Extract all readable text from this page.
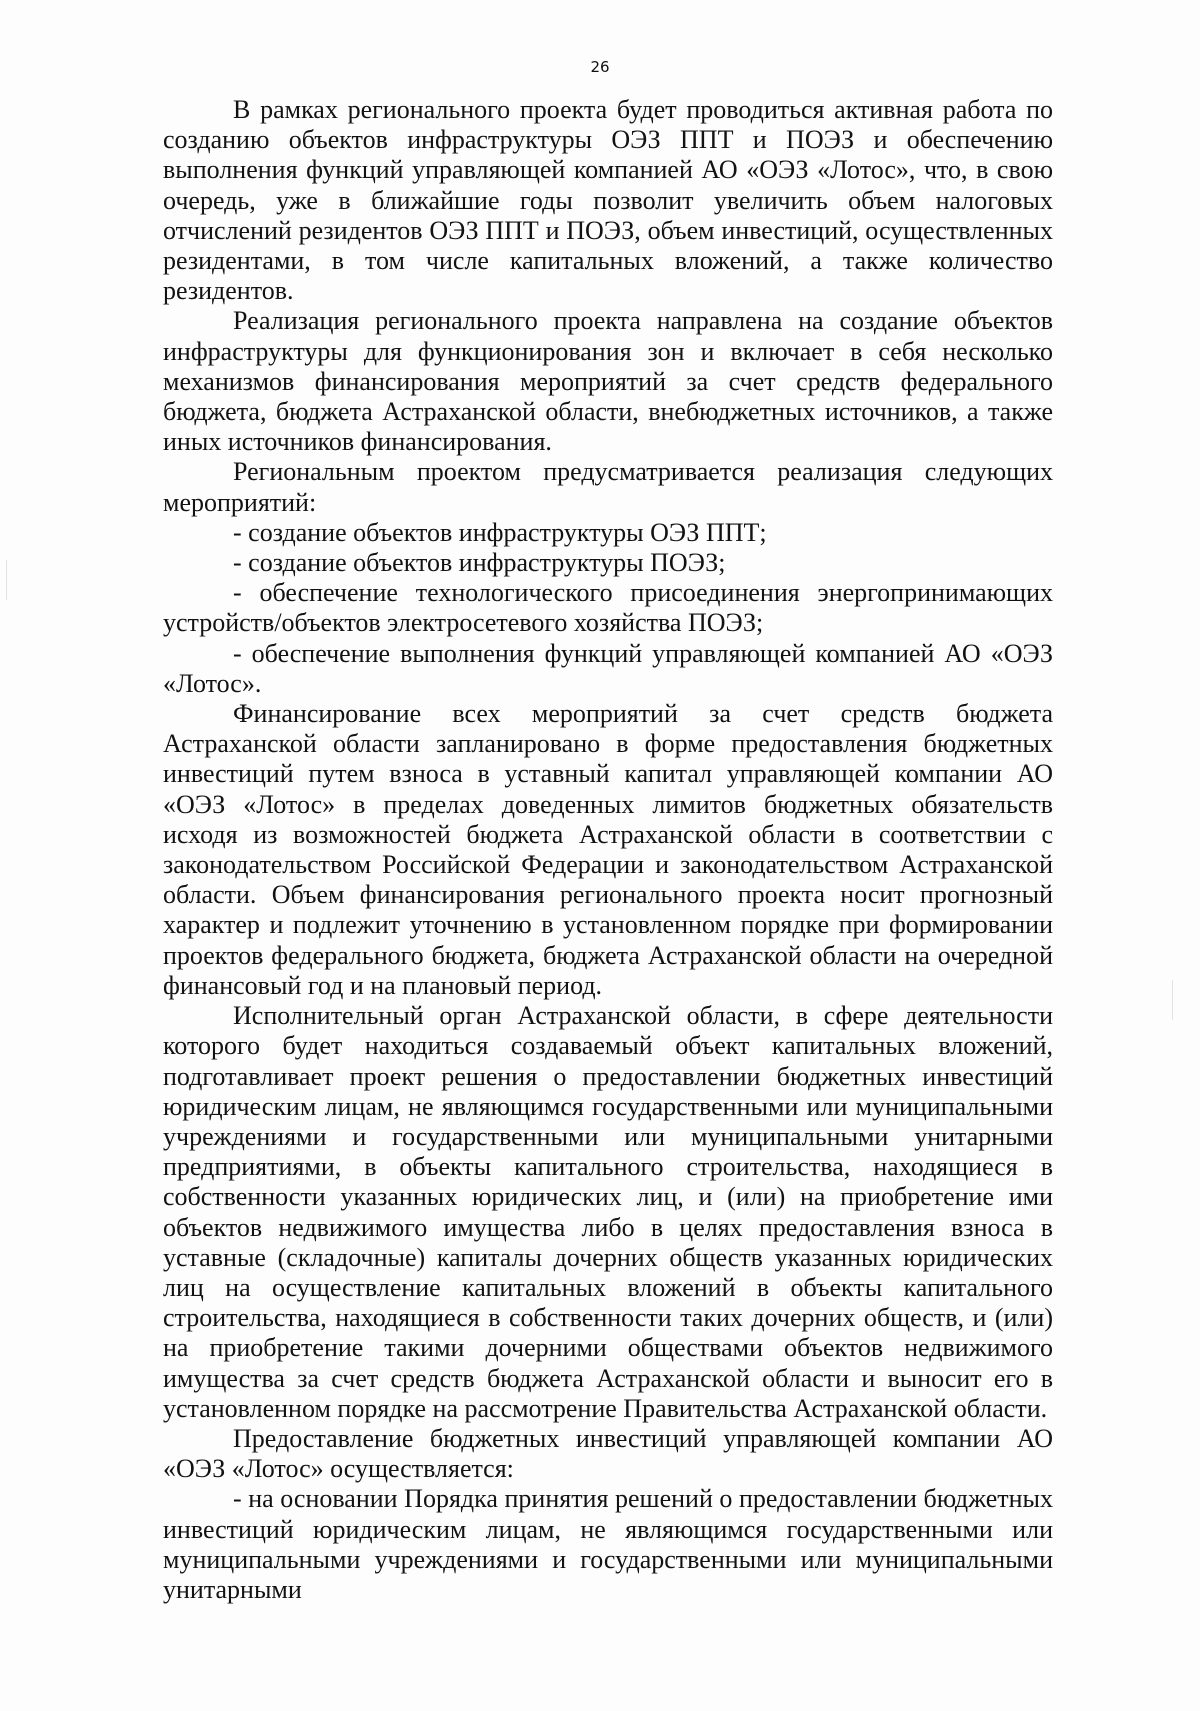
26

В рамках регионального проекта будет проводиться активная работа по созданию объектов инфраструктуры ОЭЗ ППТ и ПОЭЗ и обеспечению выполнения функций управляющей компанией АО «ОЭЗ «Лотос», что, в свою очередь, уже в ближайшие годы позволит увеличить объем налоговых отчислений резидентов ОЭЗ ППТ и ПОЭЗ, объем инвестиций, осуществленных резидентами, в том числе капитальных вложений, а также количество резидентов.

Реализация регионального проекта направлена на создание объектов инфраструктуры для функционирования зон и включает в себя несколько механизмов финансирования мероприятий за счет средств федерального бюджета, бюджета Астраханской области, внебюджетных источников, а также иных источников финансирования.

Региональным проектом предусматривается реализация следующих мероприятий:

- создание объектов инфраструктуры ОЭЗ ППТ;

- создание объектов инфраструктуры ПОЭЗ;

- обеспечение технологического присоединения энергопринимающих устройств/объектов электросетевого хозяйства ПОЭЗ;

- обеспечение выполнения функций управляющей компанией АО «ОЭЗ «Лотос».

Финансирование всех мероприятий за счет средств бюджета Астраханской области запланировано в форме предоставления бюджетных инвестиций путем взноса в уставный капитал управляющей компании АО «ОЭЗ «Лотос» в пределах доведенных лимитов бюджетных обязательств исходя из возможностей бюджета Астраханской области в соответствии с законодательством Российской Федерации и законодательством Астраханской области. Объем финансирования регионального проекта носит прогнозный характер и подлежит уточнению в установленном порядке при формировании проектов федерального бюджета, бюджета Астраханской области на очередной финансовый год и на плановый период.

Исполнительный орган Астраханской области, в сфере деятельности которого будет находиться создаваемый объект капитальных вложений, подготавливает проект решения о предоставлении бюджетных инвестиций юридическим лицам, не являющимся государственными или муниципальными учреждениями и государственными или муниципальными унитарными предприятиями, в объекты капитального строительства, находящиеся в собственности указанных юридических лиц, и (или) на приобретение ими объектов недвижимого имущества либо в целях предоставления взноса в уставные (складочные) капиталы дочерних обществ указанных юридических лиц на осуществление капитальных вложений в объекты капитального строительства, находящиеся в собственности таких дочерних обществ, и (или) на приобретение такими дочерними обществами объектов недвижимого имущества за счет средств бюджета Астраханской области и выносит его в установленном порядке на рассмотрение Правительства Астраханской области.

Предоставление бюджетных инвестиций управляющей компании АО «ОЭЗ «Лотос» осуществляется:

- на основании Порядка принятия решений о предоставлении бюджетных инвестиций юридическим лицам, не являющимся государственными или муниципальными учреждениями и государственными или муниципальными унитарными
